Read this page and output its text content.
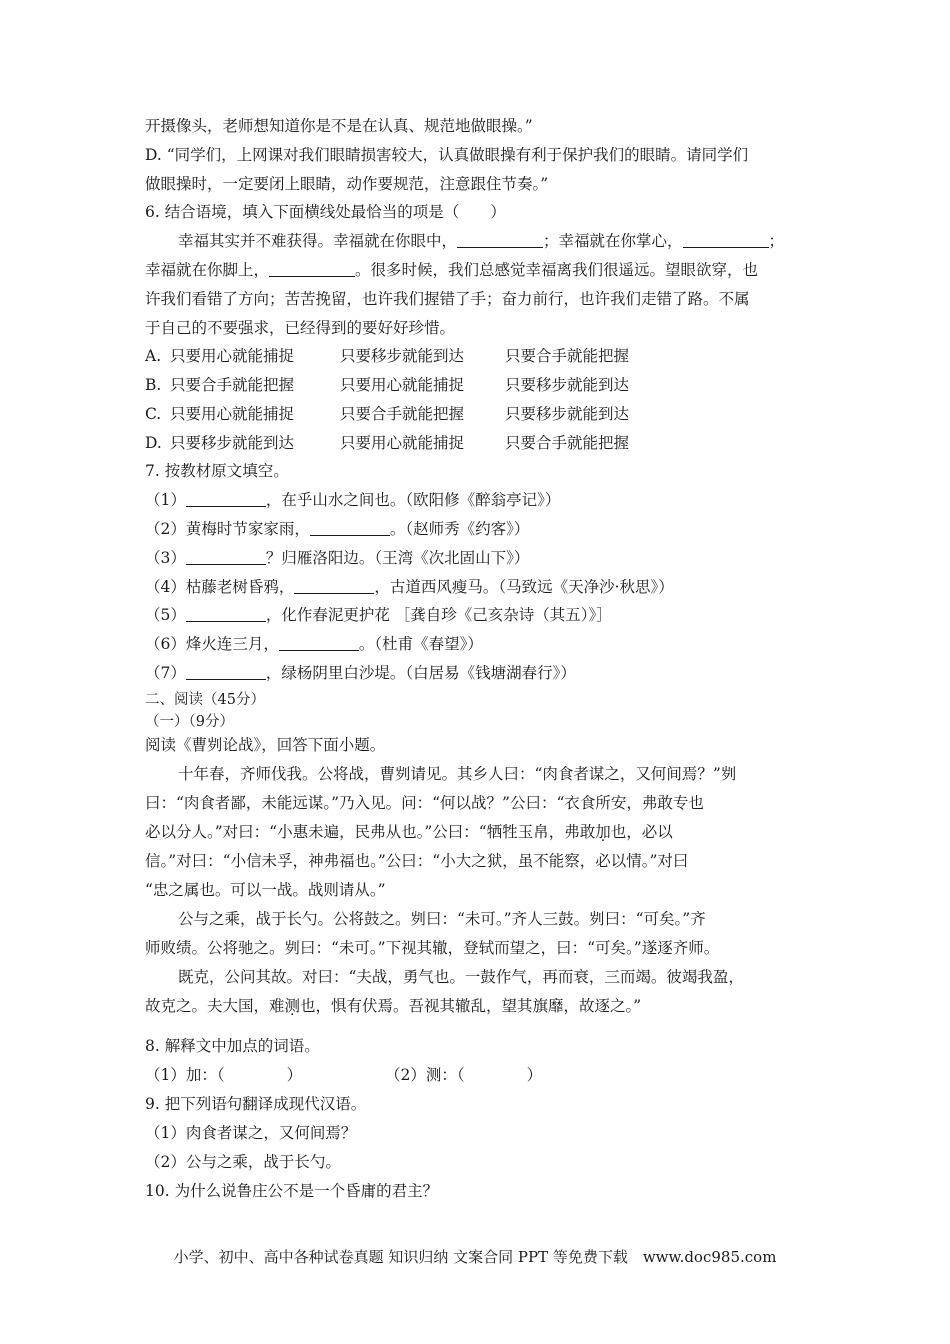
开摄像头，老师想知道你是不是在认真、规范地做眼操。”
D. “同学们，上网课对我们眼睛损害较大，认真做眼操有利于保护我们的眼睛。请同学们
做眼操时，一定要闭上眼睛，动作要规范，注意跟住节奏。”
6. 结合语境，填入下面横线处最恰当的项是（　　）
幸福其实并不难获得。幸福就在你眼中，	；幸福就在你掌心，	；
幸福就在你脚上，	。很多时候，我们总感觉幸福离我们很遥远。望眼欲穿，也
许我们看错了方向；苦苦挽留，也许我们握错了手；奋力前行，也许我们走错了路。不属
于自己的不要强求，已经得到的要好好珍惜。
A. 只要用心就能捕捉	只要移步就能到达	只要合手就能把握
B. 只要合手就能把握	只要用心就能捕捉	只要移步就能到达
C. 只要用心就能捕捉	只要合手就能把握	只要移步就能到达
D. 只要移步就能到达	只要用心就能捕捉	只要合手就能把握
7. 按教材原文填空。
（1）	，在乎山水之间也。（欧阳修《醉翁亭记》）
（2）黄梅时节家家雨，	。（赵师秀《约客》）
（3）	？归雁洛阳边。（王湾《次北固山下》）
（4）枯藤老树昏鸦，	，古道西风瘦马。（马致远《天净沙·秋思》）
（5）	，化作春泥更护花 ［龚自珍《己亥杂诗（其五）》］
（6）烽火连三月，	。（杜甫《春望》）
（7）	，绿杨阴里白沙堤。（白居易《钱塘湖春行》）
二、阅读（45分）
（一）（9分）
阅读《曹刿论战》，回答下面小题。
十年春，齐师伐我。公将战，曹刿请见。其乡人曰：“肉食者谋之，又何间焉？”刿
曰：“肉食者鄙，未能远谋。”乃入见。问：“何以战？”公曰：“衣食所安，弗敢专也
必以分人。”对曰：“小惠未遍，民弗从也。”公曰：“牺牲玉帛，弗敢加也，必以
信。”对曰：“小信未孚，神弗福也。”公曰：“小大之狱，虽不能察，必以情。”对曰
“忠之属也。可以一战。战则请从。”
公与之乘，战于长勺。公将鼓之。刿曰：“未可。”齐人三鼓。刿曰：“可矣。”齐
师败绩。公将驰之。刿曰：“未可。”下视其辙，登轼而望之，曰：“可矣。”遂逐齐师。
既克，公问其故。对曰：“夫战，勇气也。一鼓作气，再而衰，三而竭。彼竭我盈，
故克之。夫大国，难测也，惧有伏焉。吾视其辙乱，望其旗靡，故逐之。”
8. 解释文中加点的词语。
（1）加：（　　　　）	（2）测：（　　　　）
9. 把下列语句翻译成现代汉语。
（1）肉食者谋之，又何间焉？
（2）公与之乘，战于长勺。
10. 为什么说鲁庄公不是一个昏庸的君主？
小学、初中、高中各种试卷真题 知识归纳 文案合同 PPT 等免费下载　www.doc985.com
